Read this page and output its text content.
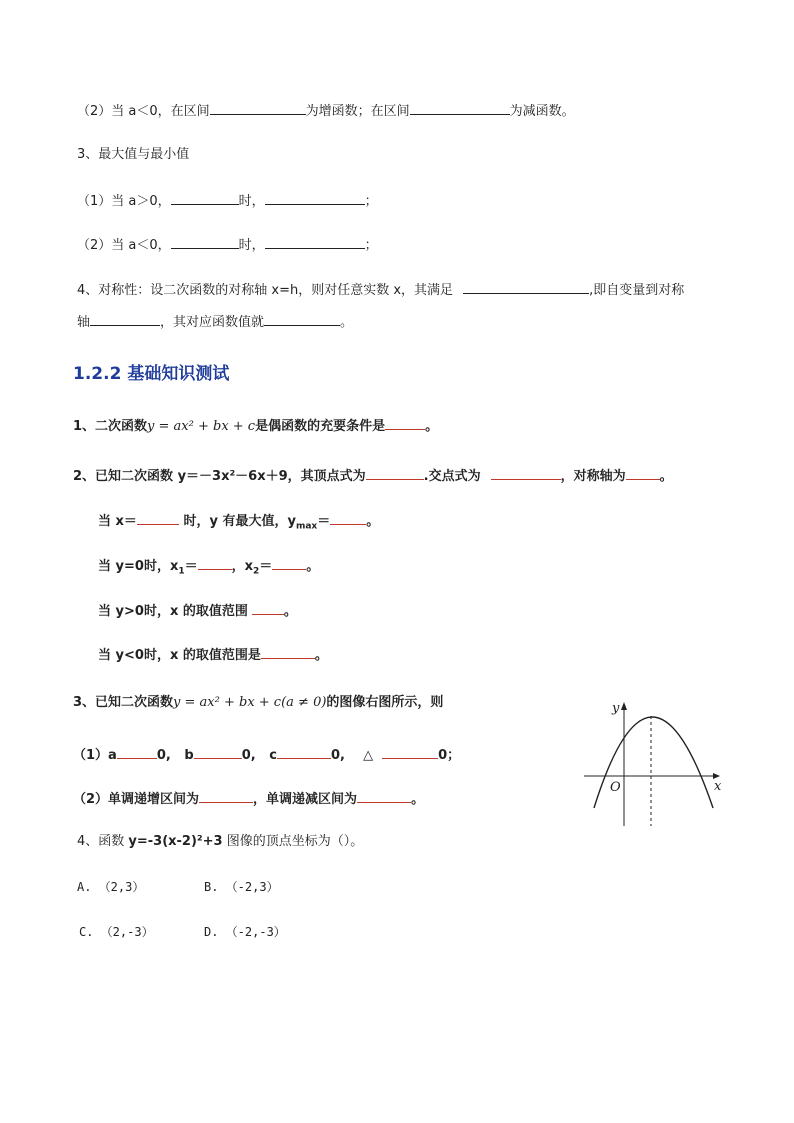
（2）当 a＜0，在区间	为增函数；在区间	为减函数。
3、最大值与最小值
（1）当 a＞0，	时，	；
（2）当 a＜0，	时，	；
4、对称性：设二次函数的对称轴 x=h，则对任意实数 x，其满足	,即自变量到对称
轴	，其对应函数值就	。
1.2.2 基础知识测试
1、二次函数y = ax² + bx + c是偶函数的充要条件是	。
2、已知二次函数 y＝－3x²－6x＋9，其顶点式为	.交点式为	，对称轴为	。
当 x＝	时，y 有最大值，$y_{max}=$	。
当 y=0时，$x_1=$	，$x_2=$	。
当 y>0时，x 的取值范围	。
当 y<0时，x 的取值范围是	。
3、已知二次函数y = ax² + bx + c(a ≠ 0)的图像右图所示，则
（1）a	0, b	0, c	0, △	0；
（2）单调递增区间为	，单调递减区间为	。
y
x
O
4、函数 y=-3(x-2)²+3 图像的顶点坐标为（）。
A. （2,3）	B. （-2,3）
C. （2,-3）	D. （-2,-3）
